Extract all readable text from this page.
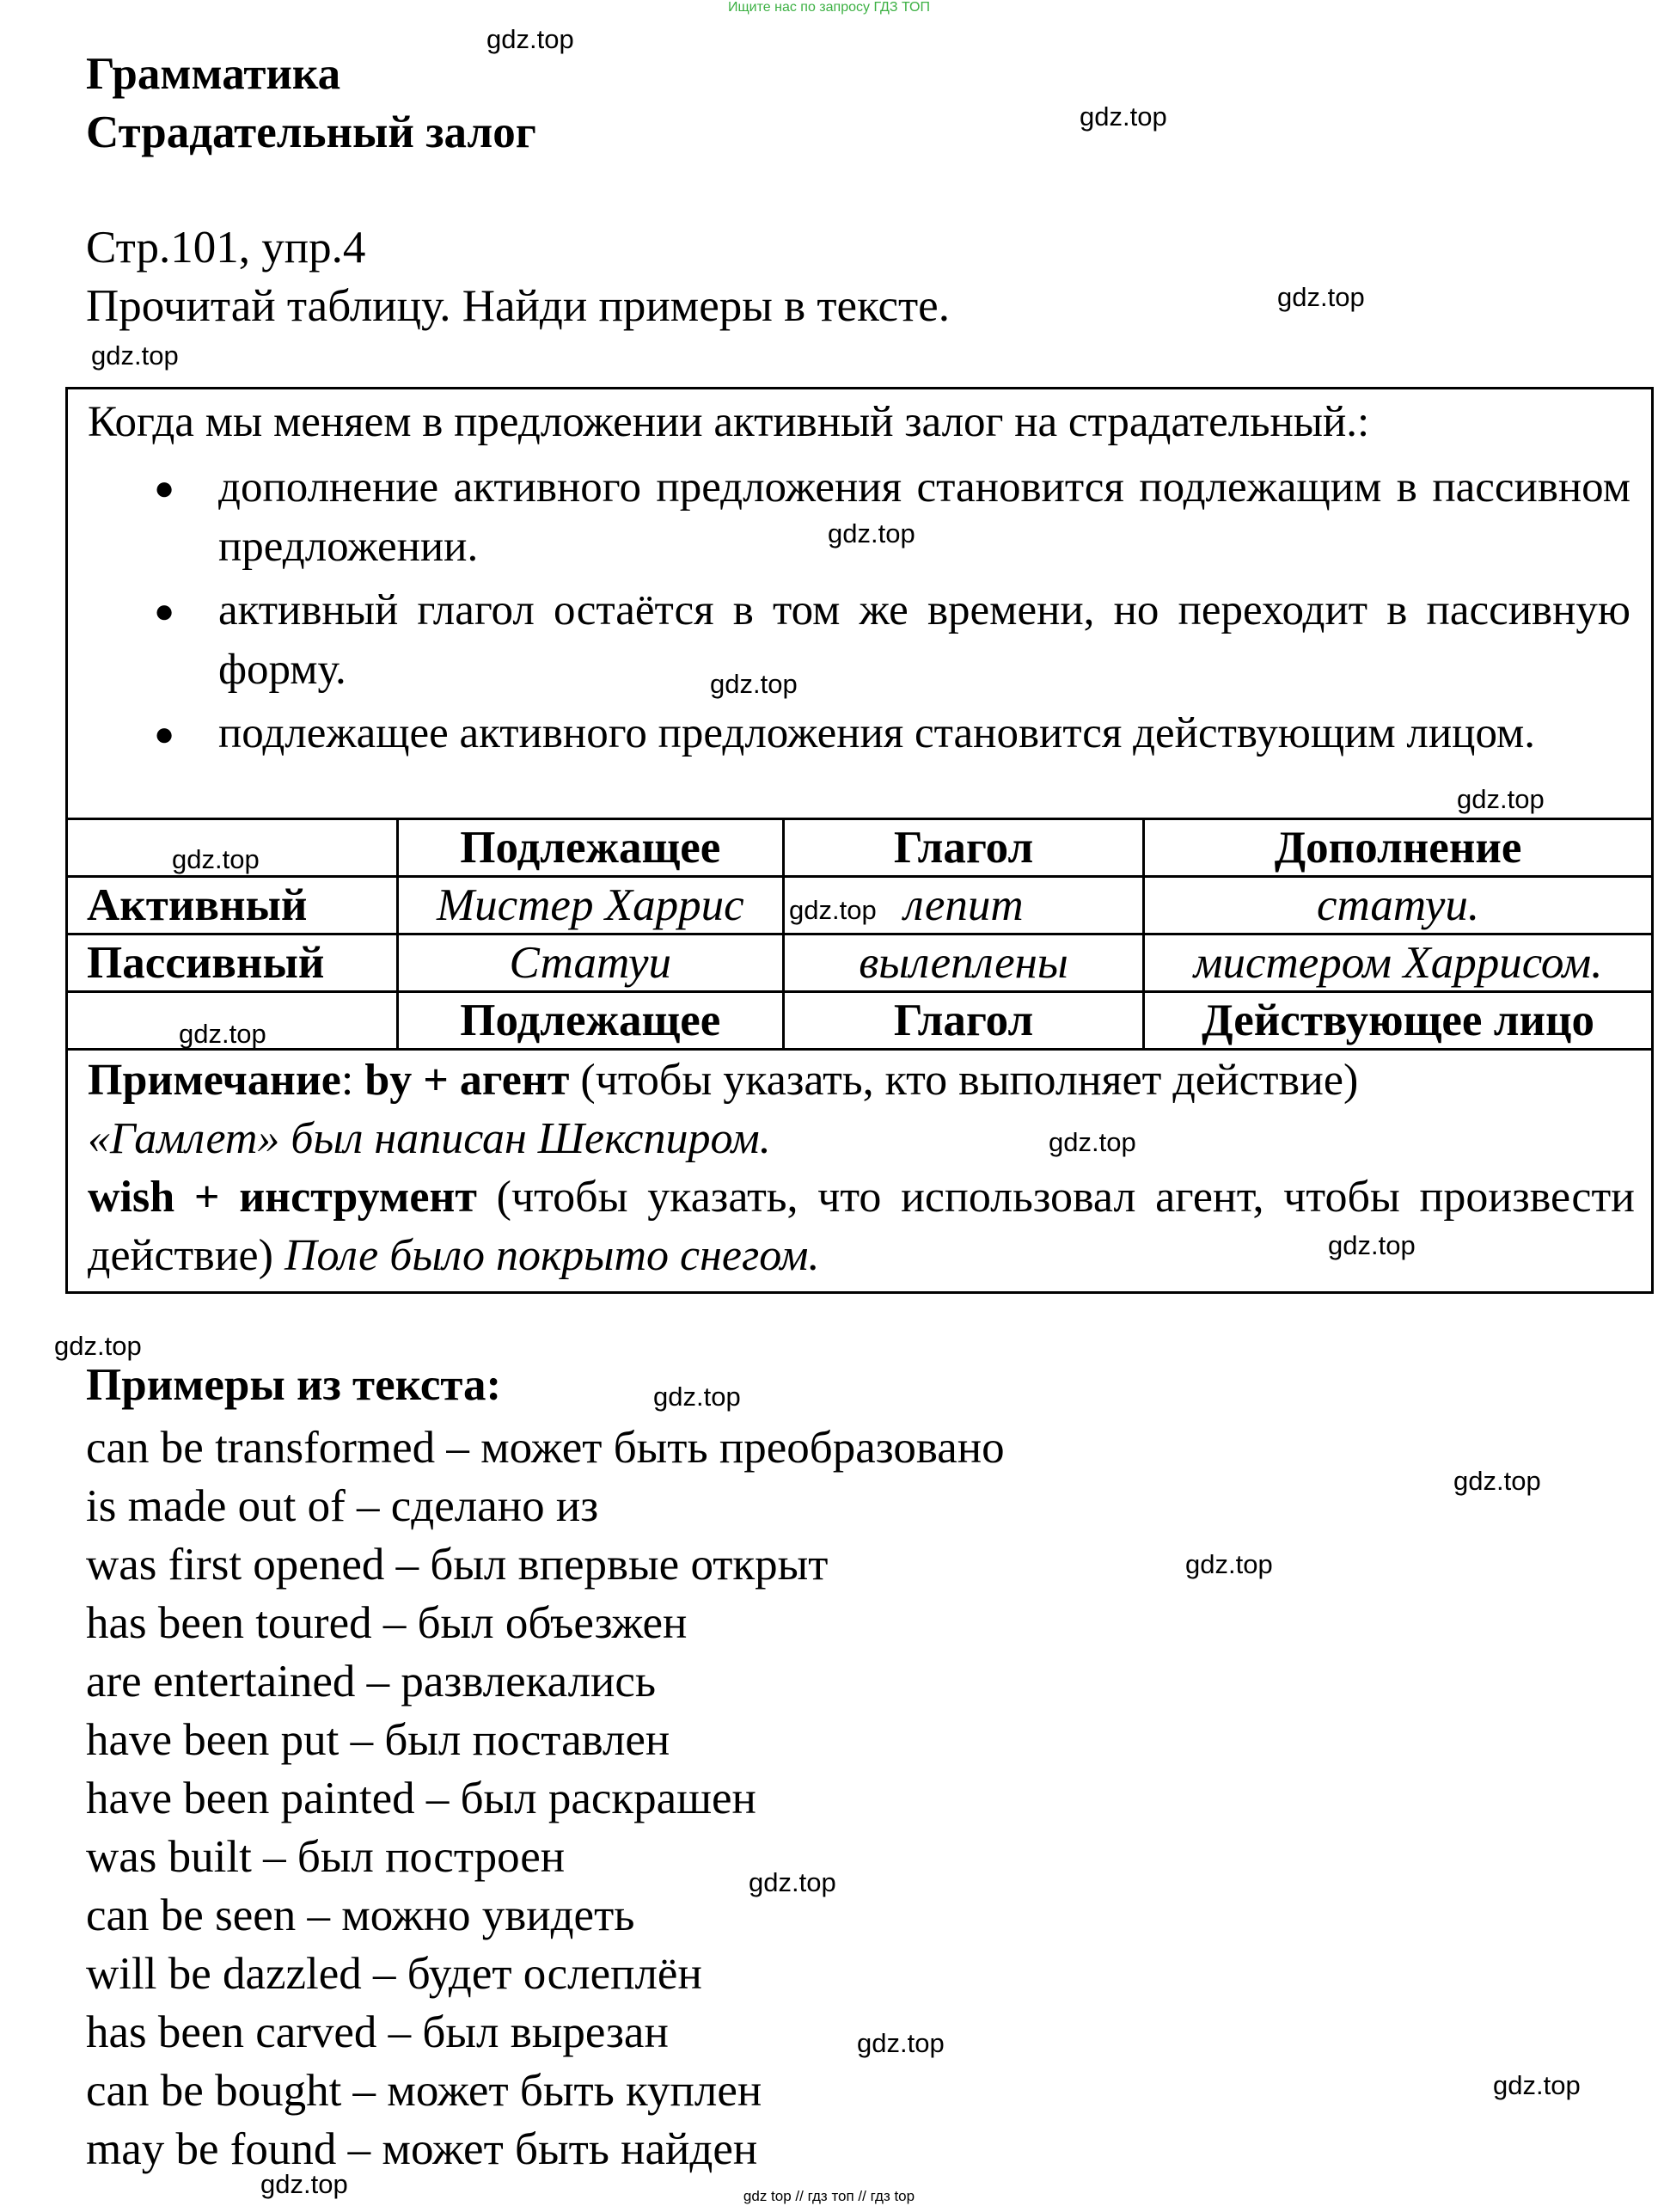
Ищите нас по запросу ГДЗ ТОП
Грамматика
Страдательный залог
Стр.101, упр.4
Прочитай таблицу. Найди примеры в тексте.
Когда мы меняем в предложении активный залог на страдательный.:
● дополнение активного предложения становится подлежащим в пассивном предложении.
● активный глагол остаётся в том же времени, но переходит в пассивную форму.
● подлежащее активного предложения становится действующим лицом.
	Подлежащее	Глагол	Дополнение
Активный	Мистер Харрис	лепит	статуи.
Пассивный	Статуи	вылеплены	мистером Харрисом.
	Подлежащее	Глагол	Действующее лицо
Примечание: by + агент (чтобы указать, кто выполняет действие)
«Гамлет» был написан Шекспиром.
wish + инструмент (чтобы указать, что использовал агент, чтобы произвести действие) Поле было покрыто снегом.
Примеры из текста:
can be transformed – может быть преобразовано
is made out of – сделано из
was first opened – был впервые открыт
has been toured – был объезжен
are entertained – развлекались
have been put – был поставлен
have been painted – был раскрашен
was built – был построен
can be seen – можно увидеть
will be dazzled – будет ослеплён
has been carved – был вырезан
can be bought – может быть куплен
may be found – может быть найден
gdz.top
gdz.top
gdz.top
gdz.top
gdz.top
gdz.top
gdz.top
gdz.top
gdz.top
gdz.top
gdz.top
gdz.top
gdz.top
gdz.top
gdz.top
gdz.top
gdz.top
gdz.top
gdz.top
gdz.top	gdz top // гдз топ // гдз top
